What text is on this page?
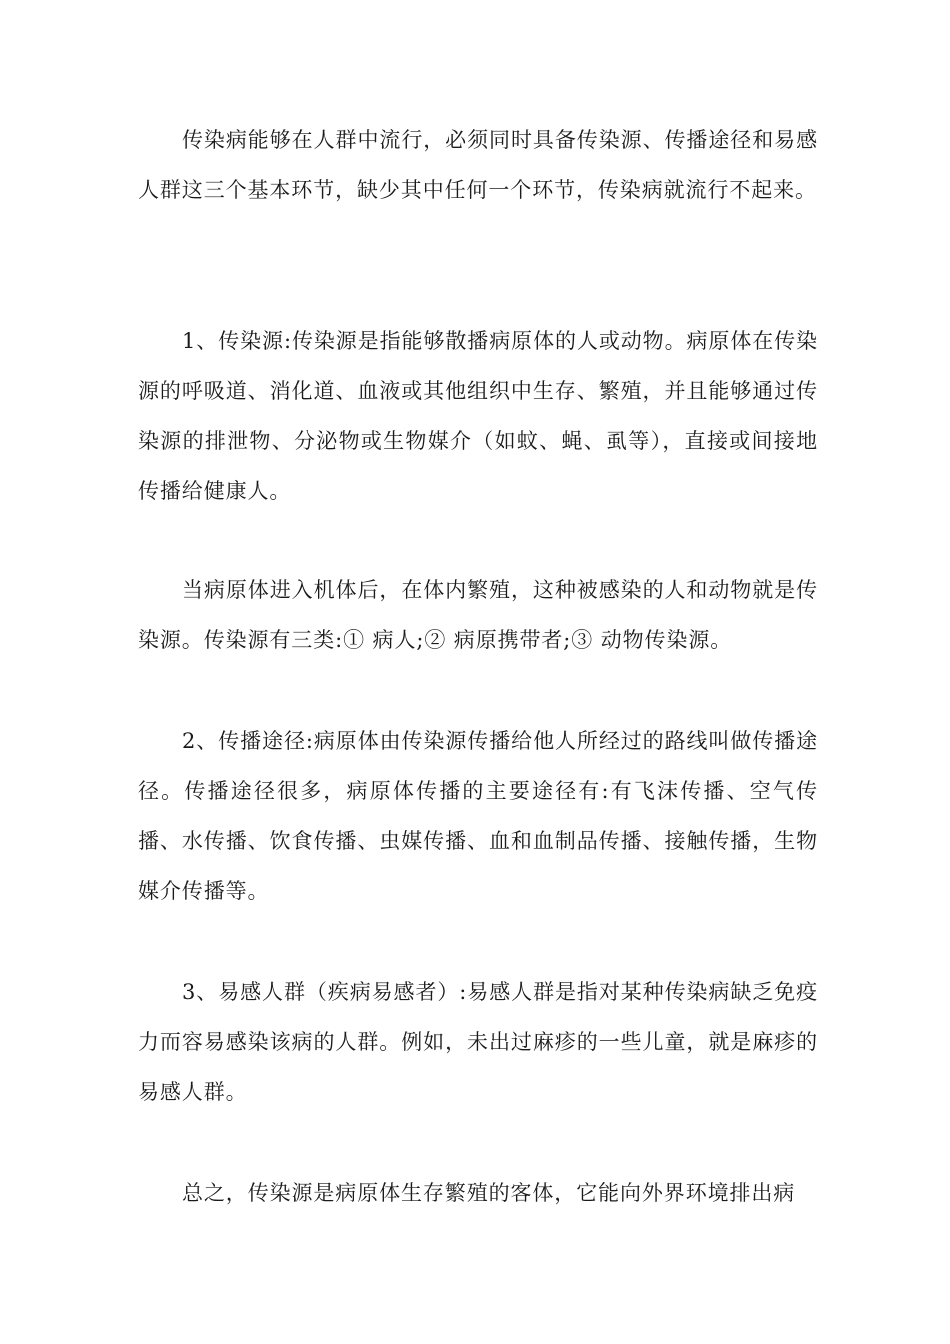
传染病能够在人群中流行，必须同时具备传染源、传播途径和易感人群这三个基本环节，缺少其中任何一个环节，传染病就流行不起来。

1、传染源:传染源是指能够散播病原体的人或动物。病原体在传染源的呼吸道、消化道、血液或其他组织中生存、繁殖，并且能够通过传染源的排泄物、分泌物或生物媒介（如蚊、蝇、虱等），直接或间接地传播给健康人。

当病原体进入机体后，在体内繁殖，这种被感染的人和动物就是传染源。传染源有三类:① 病人;② 病原携带者;③ 动物传染源。

2、传播途径:病原体由传染源传播给他人所经过的路线叫做传播途径。传播途径很多，病原体传播的主要途径有:有飞沫传播、空气传播、水传播、饮食传播、虫媒传播、血和血制品传播、接触传播，生物媒介传播等。

3、易感人群（疾病易感者）:易感人群是指对某种传染病缺乏免疫力而容易感染该病的人群。例如，未出过麻疹的一些儿童，就是麻疹的易感人群。

总之，传染源是病原体生存繁殖的客体，它能向外界环境排出病
